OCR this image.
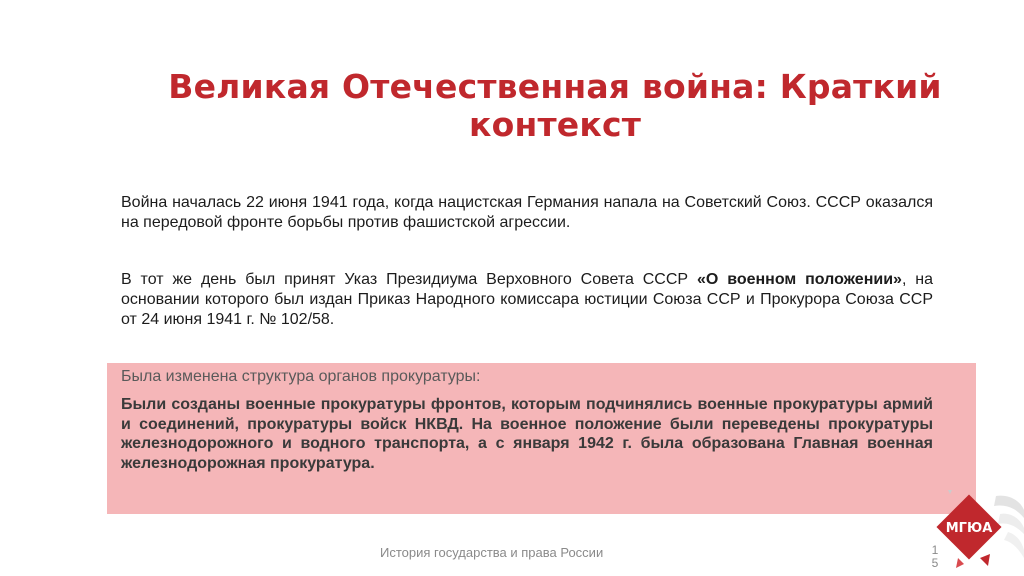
Великая Отечественная война: Краткий контекст
Война началась 22 июня 1941 года, когда нацистская Германия напала на Советский Союз. СССР оказался на передовой фронте борьбы против фашистской агрессии.
В тот же день был принят Указ Президиума Верховного Совета СССР «О военном положении», на основании которого был издан Приказ Народного комиссара юстиции Союза ССР и Прокурора Союза ССР от 24 июня 1941 г. № 102/58.
Была изменена структура органов прокуратуры:
Были созданы военные прокуратуры фронтов, которым подчинялись военные прокуратуры армий и соединений, прокуратуры войск НКВД. На военное положение были переведены прокуратуры железнодорожного и водного транспорта, а с января 1942 г. была образована Главная военная железнодорожная прокуратура.
История государства и права России	1
5
МГЮА
